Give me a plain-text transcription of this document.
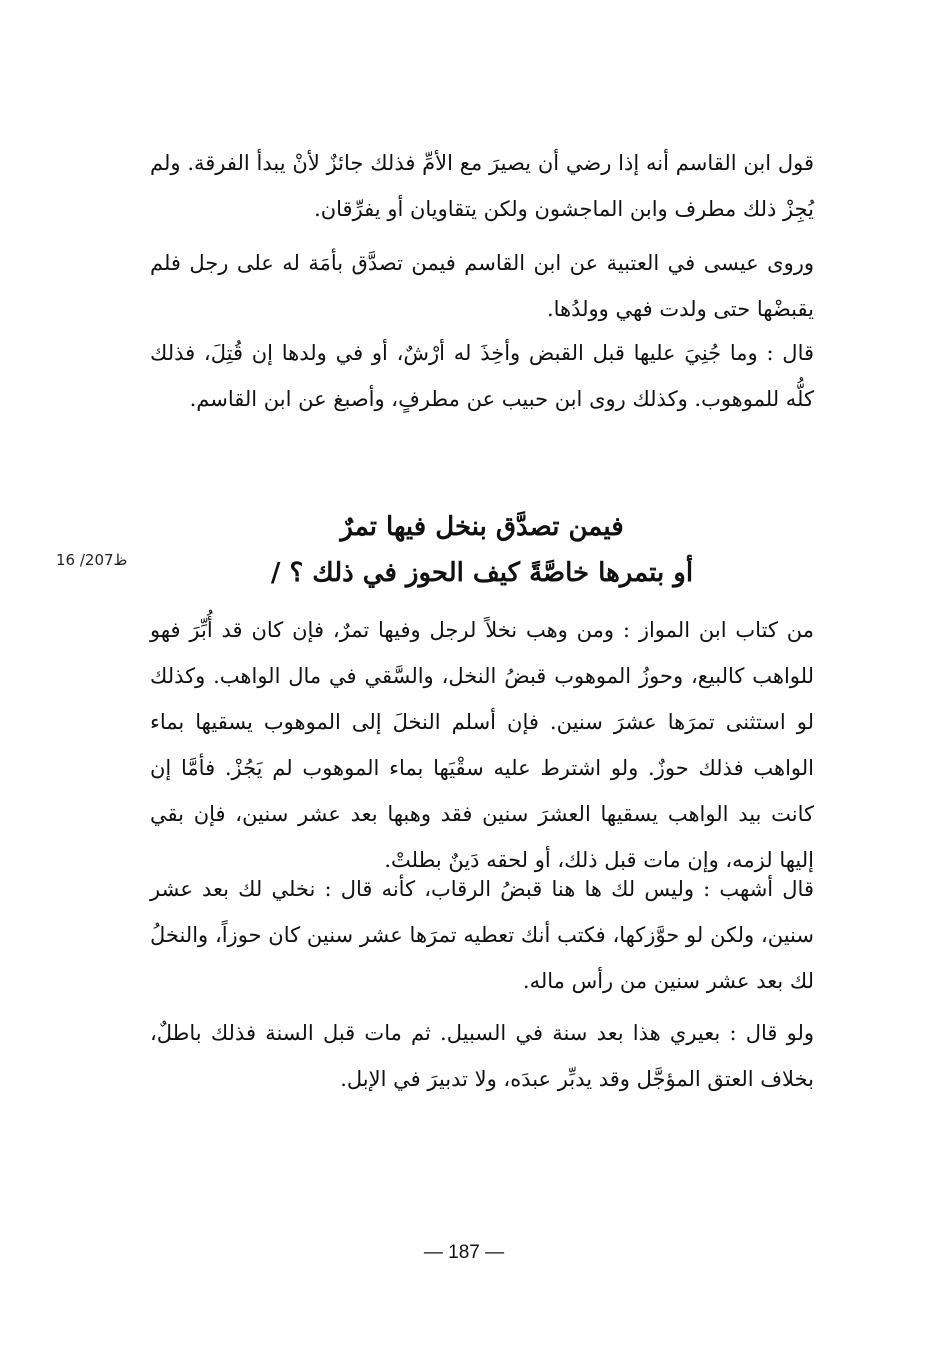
قول ابن القاسم أنه إذا رضي أن يصيرَ مع الأمِّ فذلك جائزٌ لأنْ يبدأ الفرقة. ولم يُجِزْ ذلك مطرف وابن الماجشون ولكن يتقاويان أو يفرِّقان.

وروى عيسى في العتبية عن ابن القاسم فيمن تصدَّق بأمَة له على رجل فلم يقبضْها حتى ولدت فهي وولدُها.

قال : وما جُنِيَ عليها قبل القبض وأخِذَ له أرْشٌ، أو في ولدها إن قُتِلَ، فذلك كلُّه للموهوب. وكذلك روى ابن حبيب عن مطرفٍ، وأصبغ عن ابن القاسم.

فيمن تصدَّق بنخل فيها تمرٌ
أو بتمرها خاصَّةً كيف الحوز في ذلك ؟ /
16 /207ظ

من كتاب ابن المواز : ومن وهب نخلاً لرجل وفيها تمرٌ، فإن كان قد أُبِّرَ فهو للواهب كالبيع، وحوزُ الموهوب قبضُ النخل، والسَّقي في مال الواهب. وكذلك لو استثنى تمرَها عشرَ سنين. فإن أسلم النخلَ إلى الموهوب يسقيها بماء الواهب فذلك حوزٌ. ولو اشترط عليه سقْيَها بماء الموهوب لم يَجُزْ. فأمَّا إن كانت بيد الواهب يسقيها العشرَ سنين فقد وهبها بعد عشر سنين، فإن بقي إليها لزمه، وإن مات قبل ذلك، أو لحقه دَينٌ بطلتْ.

قال أشهب : وليس لك ها هنا قبضُ الرقاب، كأنه قال : نخلي لك بعد عشر سنين، ولكن لو حوَّزكها، فكتب أنك تعطيه تمرَها عشر سنين كان حوزاً، والنخلُ لك بعد عشر سنين من رأس ماله.

ولو قال : بعيري هذا بعد سنة في السبيل. ثم مات قبل السنة فذلك باطلٌ، بخلاف العتق المؤجَّل وقد يدبِّر عبدَه، ولا تدبيرَ في الإبل.

— 187 —
